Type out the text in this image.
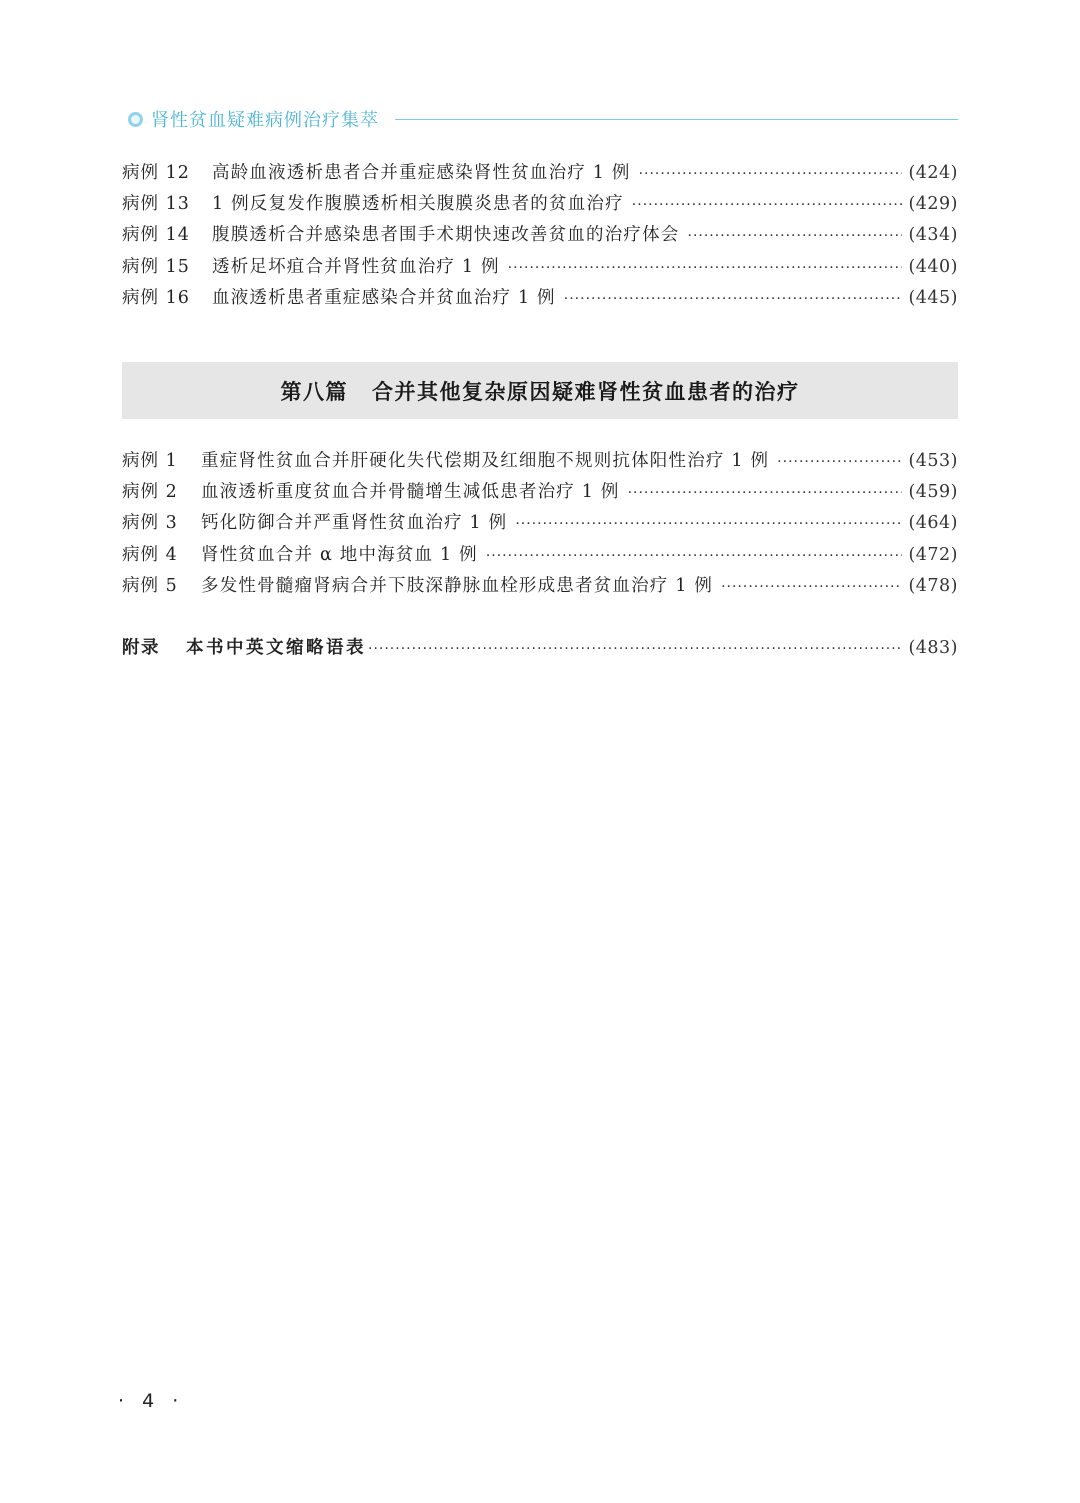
肾性贫血疑难病例治疗集萃
病例 12	高龄血液透析患者合并重症感染肾性贫血治疗 1 例 ·····	(424)
病例 13	1 例反复发作腹膜透析相关腹膜炎患者的贫血治疗 ·····	(429)
病例 14	腹膜透析合并感染患者围手术期快速改善贫血的治疗体会 ·····	(434)
病例 15	透析足坏疽合并肾性贫血治疗 1 例 ·····	(440)
病例 16	血液透析患者重症感染合并贫血治疗 1 例 ·····	(445)
第八篇 合并其他复杂原因疑难肾性贫血患者的治疗
病例 1	重症肾性贫血合并肝硬化失代偿期及红细胞不规则抗体阳性治疗 1 例 ·····	(453)
病例 2	血液透析重度贫血合并骨髓增生减低患者治疗 1 例 ·····	(459)
病例 3	钙化防御合并严重肾性贫血治疗 1 例 ·····	(464)
病例 4	肾性贫血合并 α 地中海贫血 1 例 ·····	(472)
病例 5	多发性骨髓瘤肾病合并下肢深静脉血栓形成患者贫血治疗 1 例 ·····	(478)
附录	本书中英文缩略语表 ·····	(483)
· 4 ·
